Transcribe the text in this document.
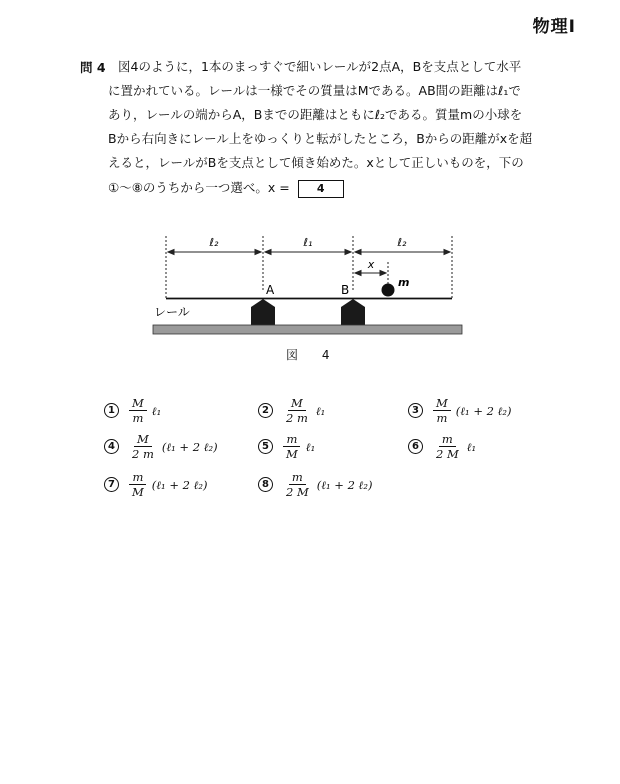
物理Ⅰ
問 4 図4のように，1本のまっすぐで細いレールが2点A，Bを支点として水平
に置かれている。レールは一様でその質量はMである。AB間の距離はℓ₁で
あり，レールの端からA，Bまでの距離はともにℓ₂である。質量mの小球を
Bから右向きにレール上をゆっくりと転がしたところ，Bからの距離がxを超
えると，レールがBを支点として傾き始めた。xとして正しいものを，下の
①～⑧のうちから一つ選べ。x = 4
ℓ₂	ℓ₁	ℓ₂
x
m
A	B
レール
図 4
1	$\frac{M}{m}$ ℓ₁	2	$\frac{M}{2 m}$ ℓ₁	3	$\frac{M}{m}$ (ℓ₁ + 2 ℓ₂)
4	$\frac{M}{2 m}$ (ℓ₁ + 2 ℓ₂)	5	$\frac{m}{M}$ ℓ₁	6	$\frac{m}{2 M}$ ℓ₁
7	$\frac{m}{M}$ (ℓ₁ + 2 ℓ₂)	8	$\frac{m}{2 M}$ (ℓ₁ + 2 ℓ₂)
